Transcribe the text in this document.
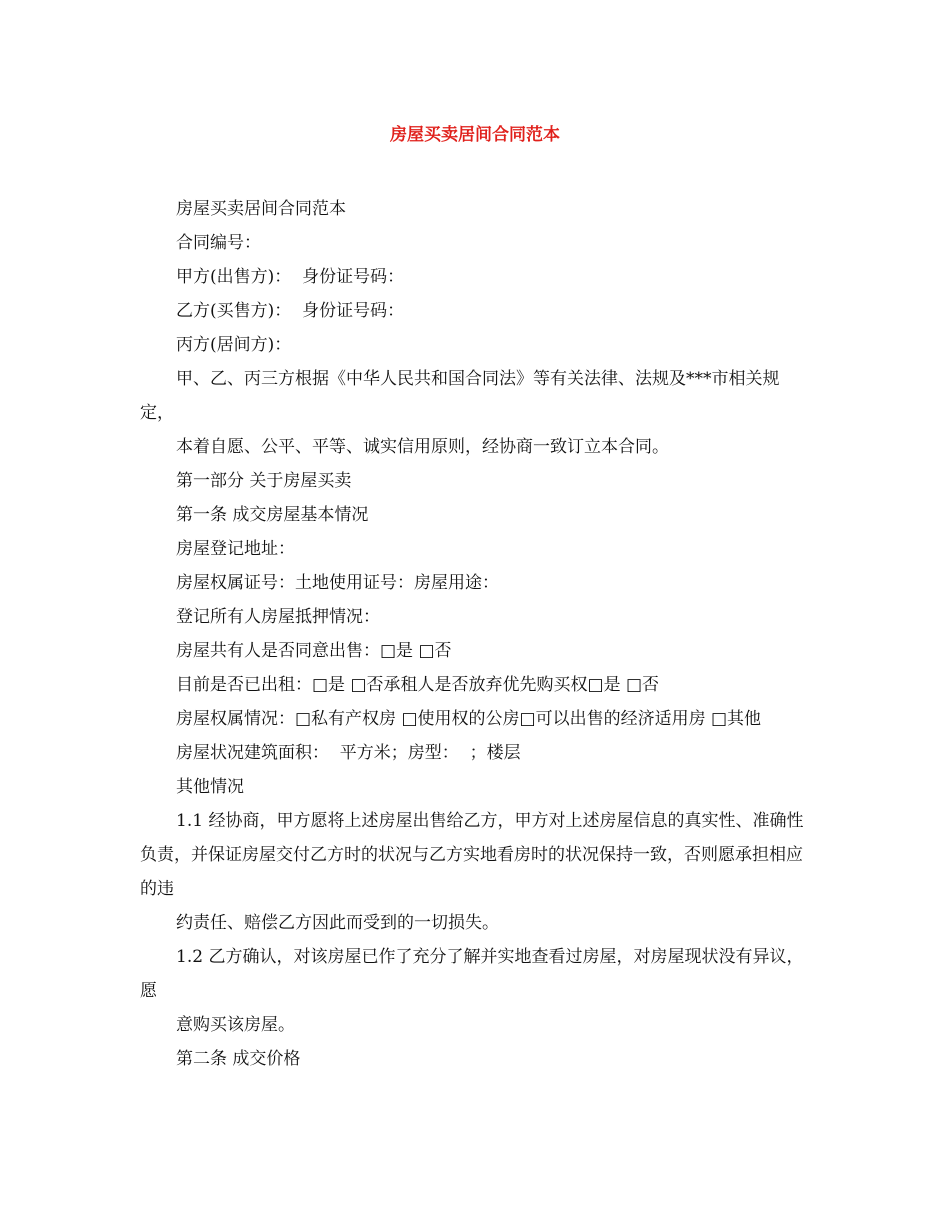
房屋买卖居间合同范本

房屋买卖居间合同范本

合同编号：

甲方(出售方)：  身份证号码：

乙方(买售方)：  身份证号码：

丙方(居间方)：

甲、乙、丙三方根据《中华人民共和国合同法》等有关法律、法规及***市相关规定，

本着自愿、公平、平等、诚实信用原则，经协商一致订立本合同。

第一部分 关于房屋买卖

第一条 成交房屋基本情况

房屋登记地址：

房屋权属证号：土地使用证号：房屋用途：

登记所有人房屋抵押情况：

房屋共有人是否同意出售：□是 □否

目前是否已出租：□是 □否承租人是否放弃优先购买权□是 □否

房屋权属情况：□私有产权房 □使用权的公房□可以出售的经济适用房 □其他

房屋状况建筑面积：  平方米；房型：  ；楼层

其他情况

1.1 经协商，甲方愿将上述房屋出售给乙方，甲方对上述房屋信息的真实性、准确性负责，并保证房屋交付乙方时的状况与乙方实地看房时的状况保持一致，否则愿承担相应的违

约责任、赔偿乙方因此而受到的一切损失。

1.2 乙方确认，对该房屋已作了充分了解并实地查看过房屋，对房屋现状没有异议，愿

意购买该房屋。

第二条 成交价格
